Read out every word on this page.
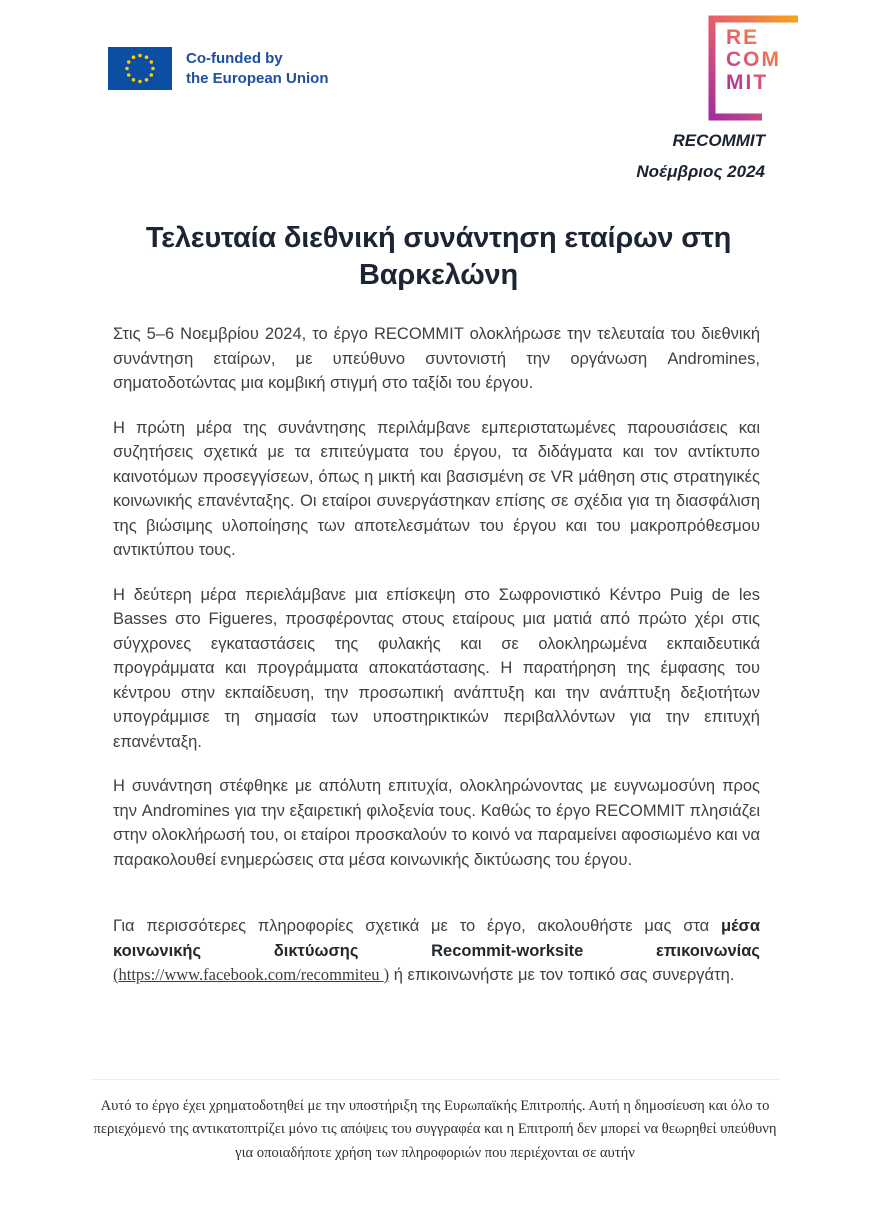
Co-funded by
the European Union
RE
COM
MIT
RECOMMIT
Νοέμβριος 2024
Τελευταία διεθνική συνάντηση εταίρων στη Βαρκελώνη

Στις 5–6 Νοεμβρίου 2024, το έργο RECOMMIT ολοκλήρωσε την τελευταία του διεθνική συνάντηση εταίρων, με υπεύθυνο συντονιστή την οργάνωση Andromines, σηματοδοτώντας μια κομβική στιγμή στο ταξίδι του έργου.

Η πρώτη μέρα της συνάντησης περιλάμβανε εμπεριστατωμένες παρουσιάσεις και συζητήσεις σχετικά με τα επιτεύγματα του έργου, τα διδάγματα και τον αντίκτυπο καινοτόμων προσεγγίσεων, όπως η μικτή και βασισμένη σε VR μάθηση στις στρατηγικές κοινωνικής επανένταξης. Οι εταίροι συνεργάστηκαν επίσης σε σχέδια για τη διασφάλιση της βιώσιμης υλοποίησης των αποτελεσμάτων του έργου και του μακροπρόθεσμου αντικτύπου τους.

Η δεύτερη μέρα περιελάμβανε μια επίσκεψη στο Σωφρονιστικό Κέντρο Puig de les Basses στο Figueres, προσφέροντας στους εταίρους μια ματιά από πρώτο χέρι στις σύγχρονες εγκαταστάσεις της φυλακής και σε ολοκληρωμένα εκπαιδευτικά προγράμματα και προγράμματα αποκατάστασης. Η παρατήρηση της έμφασης του κέντρου στην εκπαίδευση, την προσωπική ανάπτυξη και την ανάπτυξη δεξιοτήτων υπογράμμισε τη σημασία των υποστηρικτικών περιβαλλόντων για την επιτυχή επανένταξη.

Η συνάντηση στέφθηκε με απόλυτη επιτυχία, ολοκληρώνοντας με ευγνωμοσύνη προς την Andromines για την εξαιρετική φιλοξενία τους. Καθώς το έργο RECOMMIT πλησιάζει στην ολοκλήρωσή του, οι εταίροι προσκαλούν το κοινό να παραμείνει αφοσιωμένο και να παρακολουθεί ενημερώσεις στα μέσα κοινωνικής δικτύωσης του έργου.

Για περισσότερες πληροφορίες σχετικά με το έργο, ακολουθήστε μας στα μέσα κοινωνικής δικτύωσης Recommit-worksite επικοινωνίας (https://www.facebook.com/recommiteu ) ή επικοινωνήστε με τον τοπικό σας συνεργάτη.

Αυτό το έργο έχει χρηματοδοτηθεί με την υποστήριξη της Ευρωπαϊκής Επιτροπής. Αυτή η δημοσίευση και όλο το περιεχόμενό της αντικατοπτρίζει μόνο τις απόψεις του συγγραφέα και η Επιτροπή δεν μπορεί να θεωρηθεί υπεύθυνη για οποιαδήποτε χρήση των πληροφοριών που περιέχονται σε αυτήν
